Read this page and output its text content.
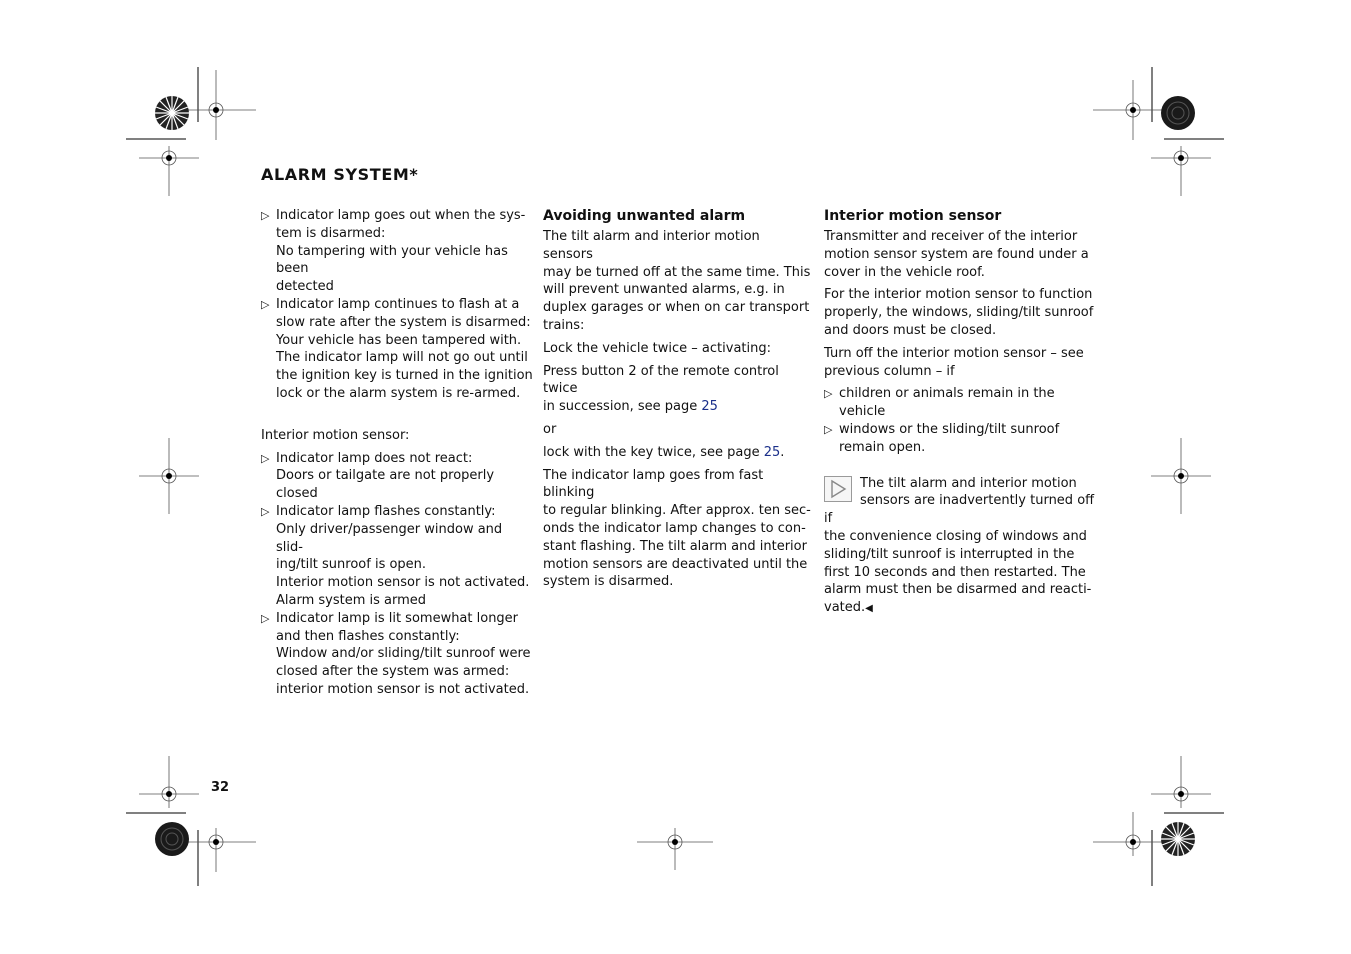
ALARM SYSTEM*
▷ Indicator lamp goes out when the sys-
tem is disarmed:
No tampering with your vehicle has been
detected
▷ Indicator lamp continues to flash at a
slow rate after the system is disarmed:
Your vehicle has been tampered with.
The indicator lamp will not go out until
the ignition key is turned in the ignition
lock or the alarm system is re-armed.

Interior motion sensor:

▷ Indicator lamp does not react:
Doors or tailgate are not properly closed
▷ Indicator lamp flashes constantly:
Only driver/passenger window and slid-
ing/tilt sunroof is open.
Interior motion sensor is not activated.
Alarm system is armed
▷ Indicator lamp is lit somewhat longer
and then flashes constantly:
Window and/or sliding/tilt sunroof were
closed after the system was armed:
interior motion sensor is not activated.
Avoiding unwanted alarm

The tilt alarm and interior motion sensors
may be turned off at the same time. This
will prevent unwanted alarms, e.g. in
duplex garages or when on car transport
trains:

Lock the vehicle twice – activating:

Press button 2 of the remote control twice
in succession, see page 25

or

lock with the key twice, see page 25.

The indicator lamp goes from fast blinking
to regular blinking. After approx. ten sec-
onds the indicator lamp changes to con-
stant flashing. The tilt alarm and interior
motion sensors are deactivated until the
system is disarmed.

Interior motion sensor

Transmitter and receiver of the interior
motion sensor system are found under a
cover in the vehicle roof.

For the interior motion sensor to function
properly, the windows, sliding/tilt sunroof
and doors must be closed.

Turn off the interior motion sensor – see
previous column – if

▷ children or animals remain in the vehicle
▷ windows or the sliding/tilt sunroof
remain open.
The tilt alarm and interior motion
sensors are inadvertently turned off if
the convenience closing of windows and
sliding/tilt sunroof is interrupted in the
first 10 seconds and then restarted. The
alarm must then be disarmed and reacti-
vated.◀
32
